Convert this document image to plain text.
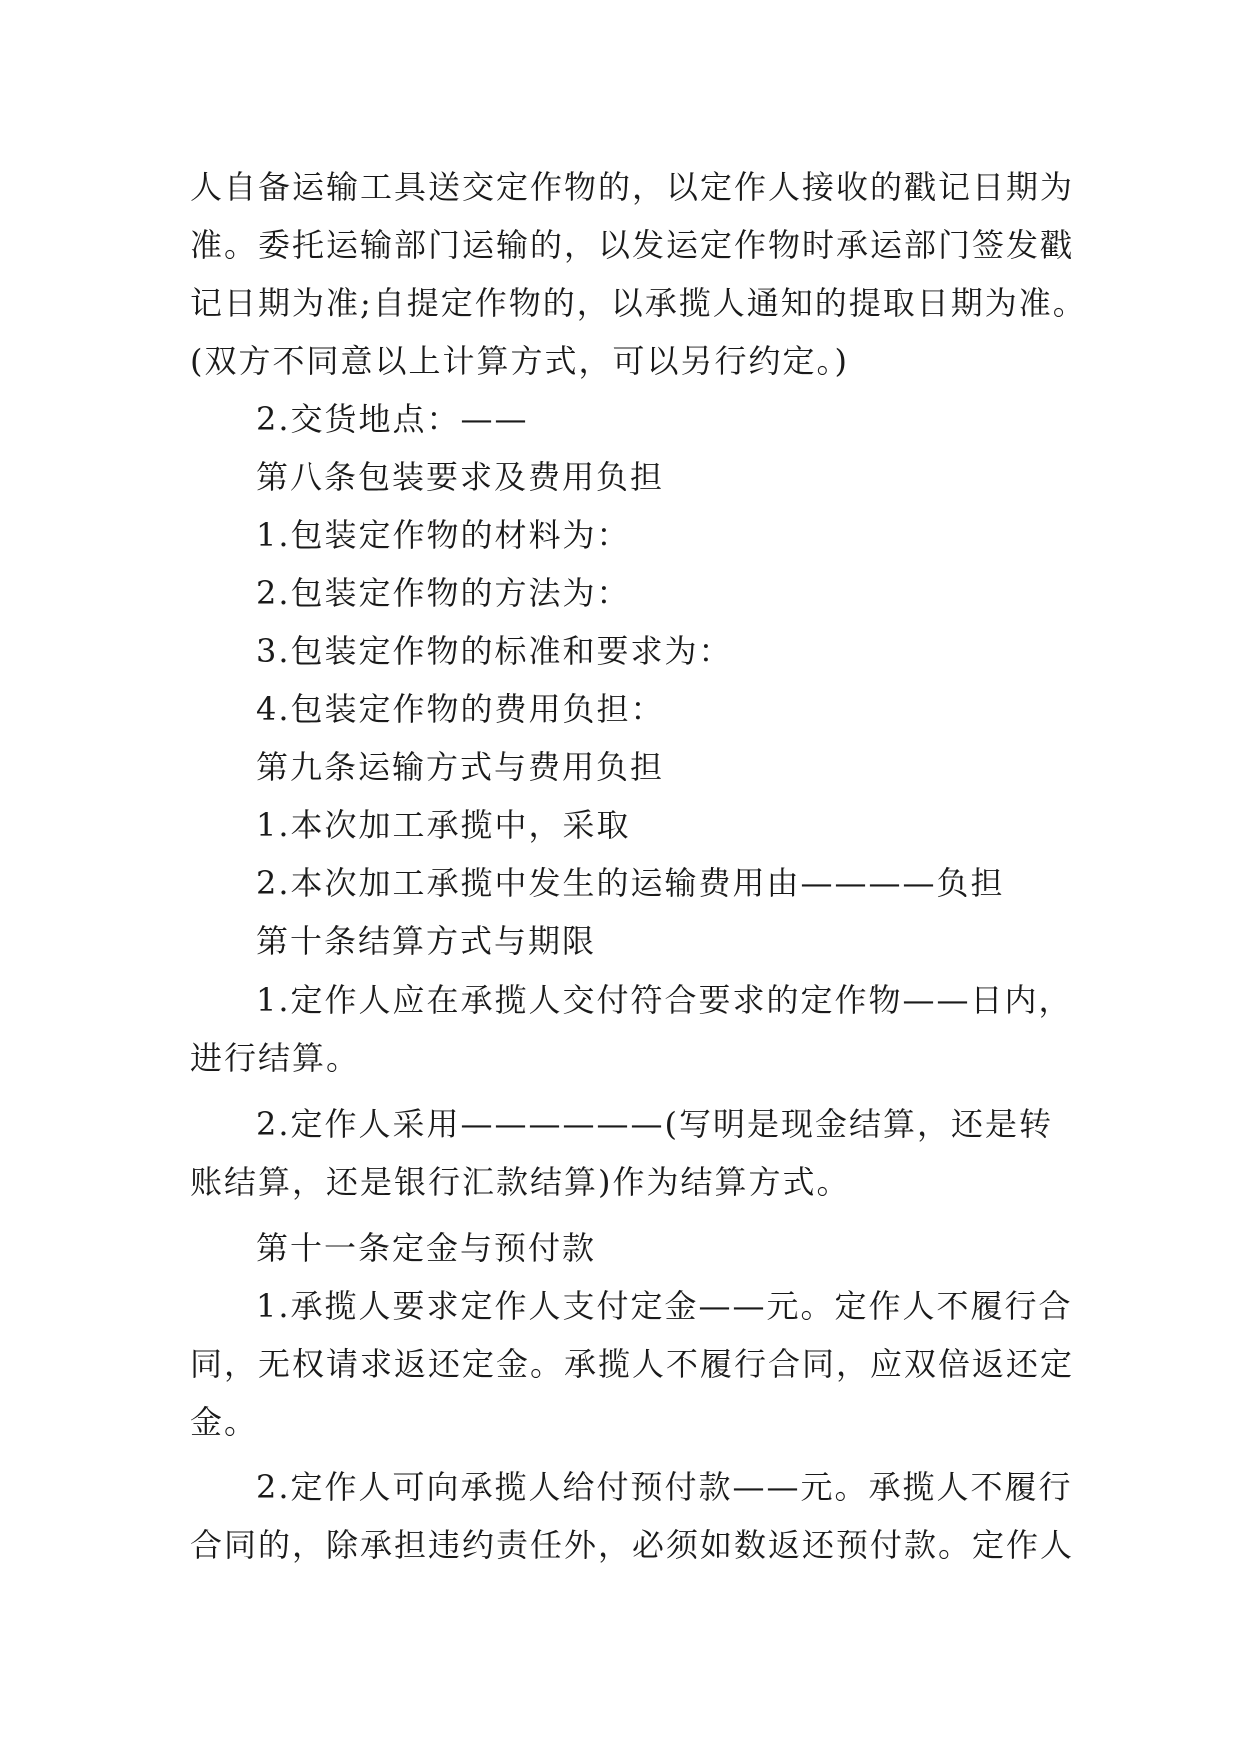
人自备运输工具送交定作物的，以定作人接收的戳记日期为
准。委托运输部门运输的，以发运定作物时承运部门签发戳
记日期为准;自提定作物的，以承揽人通知的提取日期为准。
(双方不同意以上计算方式，可以另行约定。)
2.交货地点：——
第八条包装要求及费用负担
1.包装定作物的材料为：
2.包装定作物的方法为：
3.包装定作物的标准和要求为：
4.包装定作物的费用负担：
第九条运输方式与费用负担
1.本次加工承揽中，采取
2.本次加工承揽中发生的运输费用由————负担
第十条结算方式与期限
1.定作人应在承揽人交付符合要求的定作物——日内，
进行结算。
2.定作人采用——————(写明是现金结算，还是转
账结算，还是银行汇款结算)作为结算方式。
第十一条定金与预付款
1.承揽人要求定作人支付定金——元。定作人不履行合
同，无权请求返还定金。承揽人不履行合同，应双倍返还定
金。
2.定作人可向承揽人给付预付款——元。承揽人不履行
合同的，除承担违约责任外，必须如数返还预付款。定作人
